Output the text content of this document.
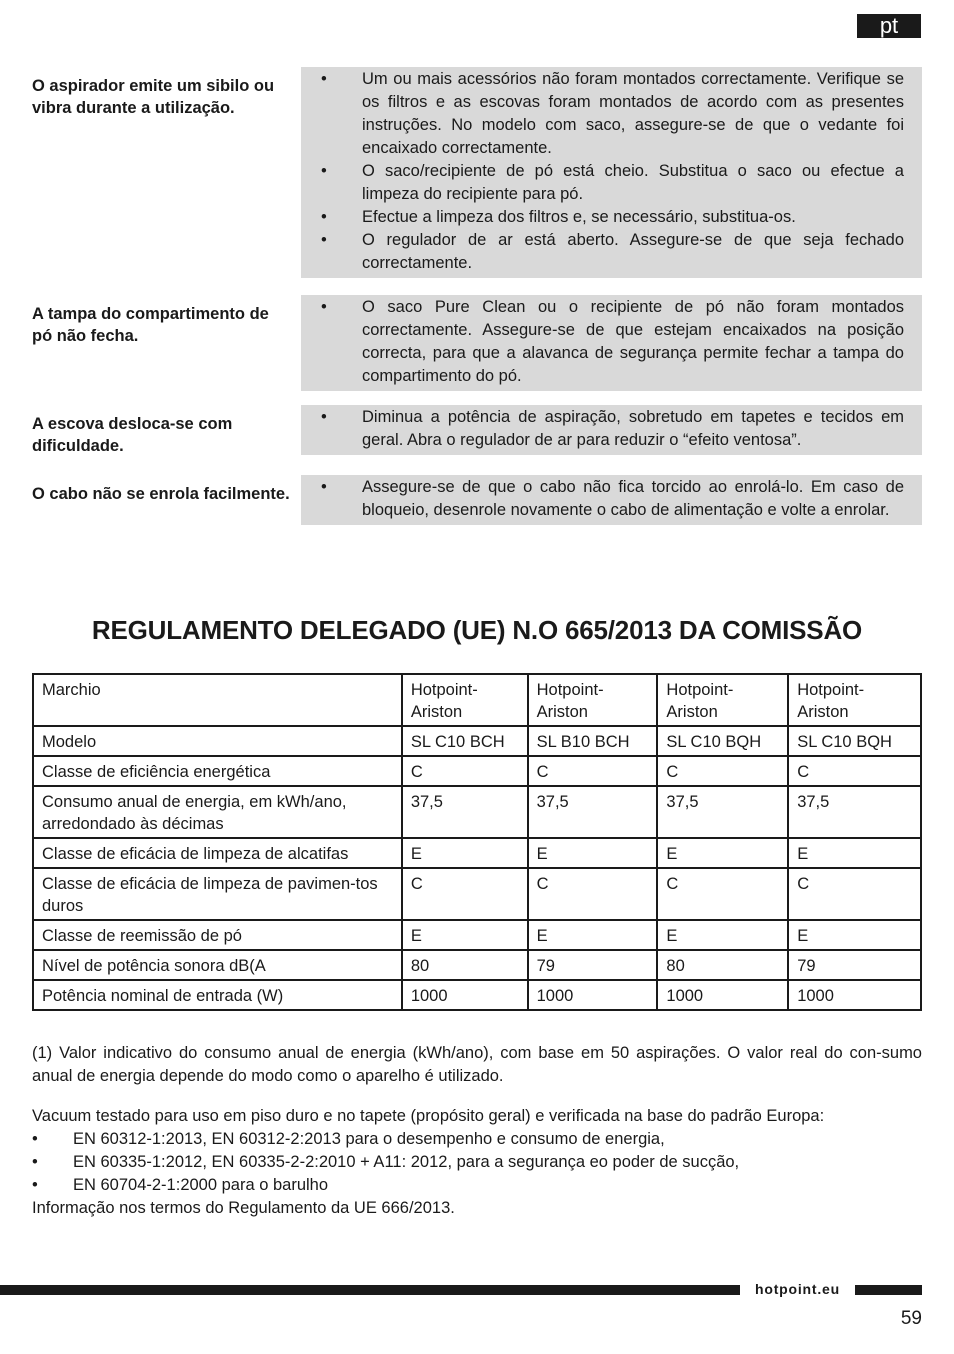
pt
O aspirador emite um sibilo ou vibra durante a utilização.
• Um ou mais acessórios não foram montados correctamente. Verifique se os filtros e as escovas foram montados de acordo com as presentes instruções. No modelo com saco, assegure-se de que o vedante foi encaixado correctamente.
• O saco/recipiente de pó está cheio. Substitua o saco ou efectue a limpeza do recipiente para pó.
• Efectue a limpeza dos filtros e, se necessário, substitua-os.
• O regulador de ar está aberto. Assegure-se de que seja fechado correctamente.
A tampa do compartimento de pó não fecha.
• O saco Pure Clean ou o recipiente de pó não foram montados correctamente. Assegure-se de que estejam encaixados na posição correcta, para que a alavanca de segurança permite fechar a tampa do compartimento do pó.
A escova desloca-se com dificuldade.
• Diminua a potência de aspiração, sobretudo em tapetes e tecidos em geral. Abra o regulador de ar para reduzir o “efeito ventosa”.
O cabo não se enrola facilmente. • Assegure-se de que o cabo não fica torcido ao enrolá-lo. Em caso de bloqueio, desenrole novamente o cabo de alimentação e volte a enrolar.
REGULAMENTO DELEGADO (UE) N.O 665/2013 DA COMISSÃO
Marchio	Hotpoint-Ariston	Hotpoint-Ariston	Hotpoint-Ariston	Hotpoint-Ariston
Modelo	SL C10 BCH	SL B10 BCH	SL C10 BQH	SL C10 BQH
Classe de eficiência energética	C	C	C	C
Consumo anual de energia, em kWh/ano, arredondado às décimas	37,5	37,5	37,5	37,5
Classe de eficácia de limpeza de alcatifas	E	E	E	E
Classe de eficácia de limpeza de pavimen-tos duros	C	C	C	C
Classe de reemissão de pó	E	E	E	E
Nível de potência sonora dB(A	80	79	80	79
Potência nominal de entrada (W)	1000	1000	1000	1000
(1) Valor indicativo do consumo anual de energia (kWh/ano), com base em 50 aspirações. O valor real do con-sumo anual de energia depende do modo como o aparelho é utilizado.
Vacuum testado para uso em piso duro e no tapete (propósito geral) e verificada na base do padrão Europa:
• EN 60312-1:2013, EN 60312-2:2013 para o desempenho e consumo de energia,
• EN 60335-1:2012, EN 60335-2-2:2010 + A11: 2012, para a segurança eo poder de sucção,
• EN 60704-2-1:2000 para o barulho
Informação nos termos do Regulamento da UE 666/2013.
hotpoint.eu
59
